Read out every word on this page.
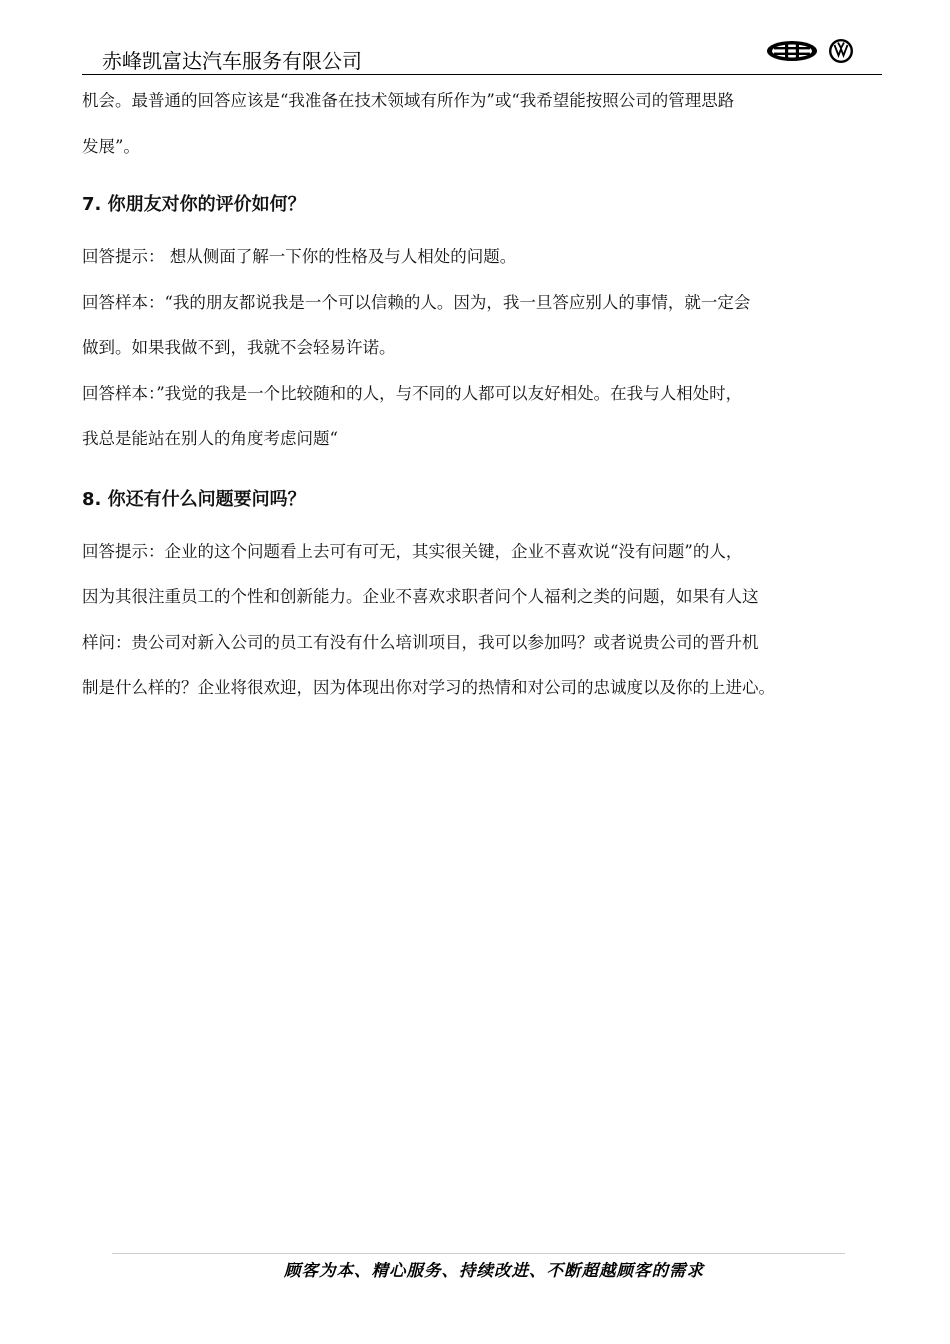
赤峰凯富达汽车服务有限公司

机会。最普通的回答应该是“我准备在技术领域有所作为”或“我希望能按照公司的管理思路

发展”。

7. 你朋友对你的评价如何？

回答提示： 想从侧面了解一下你的性格及与人相处的问题。

回答样本：“我的朋友都说我是一个可以信赖的人。因为，我一旦答应别人的事情，就一定会

做到。如果我做不到，我就不会轻易许诺。

回答样本：”我觉的我是一个比较随和的人，与不同的人都可以友好相处。在我与人相处时，

我总是能站在别人的角度考虑问题“

8. 你还有什么问题要问吗？

回答提示：企业的这个问题看上去可有可无，其实很关键，企业不喜欢说“没有问题”的人，

因为其很注重员工的个性和创新能力。企业不喜欢求职者问个人福利之类的问题，如果有人这

样问：贵公司对新入公司的员工有没有什么培训项目，我可以参加吗？或者说贵公司的晋升机

制是什么样的？企业将很欢迎，因为体现出你对学习的热情和对公司的忠诚度以及你的上进心。

顾客为本、精心服务、持续改进、不断超越顾客的需求
